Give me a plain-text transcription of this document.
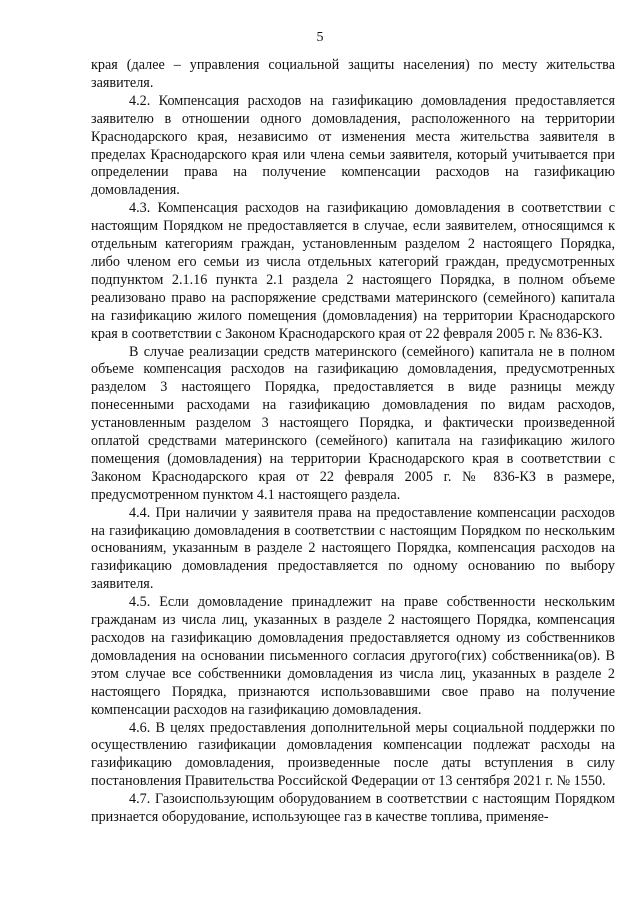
5

края (далее – управления социальной защиты населения) по месту жительства заявителя.

4.2. Компенсация расходов на газификацию домовладения предоставляется заявителю в отношении одного домовладения, расположенного на территории Краснодарского края, независимо от изменения места жительства заявителя в пределах Краснодарского края или члена семьи заявителя, который учитывается при определении права на получение компенсации расходов на газификацию домовладения.

4.3. Компенсация расходов на газификацию домовладения в соответствии с настоящим Порядком не предоставляется в случае, если заявителем, относящимся к отдельным категориям граждан, установленным разделом 2 настоящего Порядка, либо членом его семьи из числа отдельных категорий граждан, предусмотренных подпунктом 2.1.16 пункта 2.1 раздела 2 настоящего Порядка, в полном объеме реализовано право на распоряжение средствами материнского (семейного) капитала на газификацию жилого помещения (домовладения) на территории Краснодарского края в соответствии с Законом Краснодарского края от 22 февраля 2005 г. № 836-КЗ.

В случае реализации средств материнского (семейного) капитала не в полном объеме компенсация расходов на газификацию домовладения, предусмотренных разделом 3 настоящего Порядка, предоставляется в виде разницы между понесенными расходами на газификацию домовладения по видам расходов, установленным разделом 3 настоящего Порядка, и фактически произведенной оплатой средствами материнского (семейного) капитала на газификацию жилого помещения (домовладения) на территории Краснодарского края в соответствии с Законом Краснодарского края от 22 февраля 2005 г. № 836-КЗ в размере, предусмотренном пунктом 4.1 настоящего раздела.

4.4. При наличии у заявителя права на предоставление компенсации расходов на газификацию домовладения в соответствии с настоящим Порядком по нескольким основаниям, указанным в разделе 2 настоящего Порядка, компенсация расходов на газификацию домовладения предоставляется по одному основанию по выбору заявителя.

4.5. Если домовладение принадлежит на праве собственности нескольким гражданам из числа лиц, указанных в разделе 2 настоящего Порядка, компенсация расходов на газификацию домовладения предоставляется одному из собственников домовладения на основании письменного согласия другого(гих) собственника(ов). В этом случае все собственники домовладения из числа лиц, указанных в разделе 2 настоящего Порядка, признаются использовавшими свое право на получение компенсации расходов на газификацию домовладения.

4.6. В целях предоставления дополнительной меры социальной поддержки по осуществлению газификации домовладения компенсации подлежат расходы на газификацию домовладения, произведенные после даты вступления в силу постановления Правительства Российской Федерации от 13 сентября 2021 г. № 1550.

4.7. Газоиспользующим оборудованием в соответствии с настоящим Порядком признается оборудование, использующее газ в качестве топлива, применяе-
